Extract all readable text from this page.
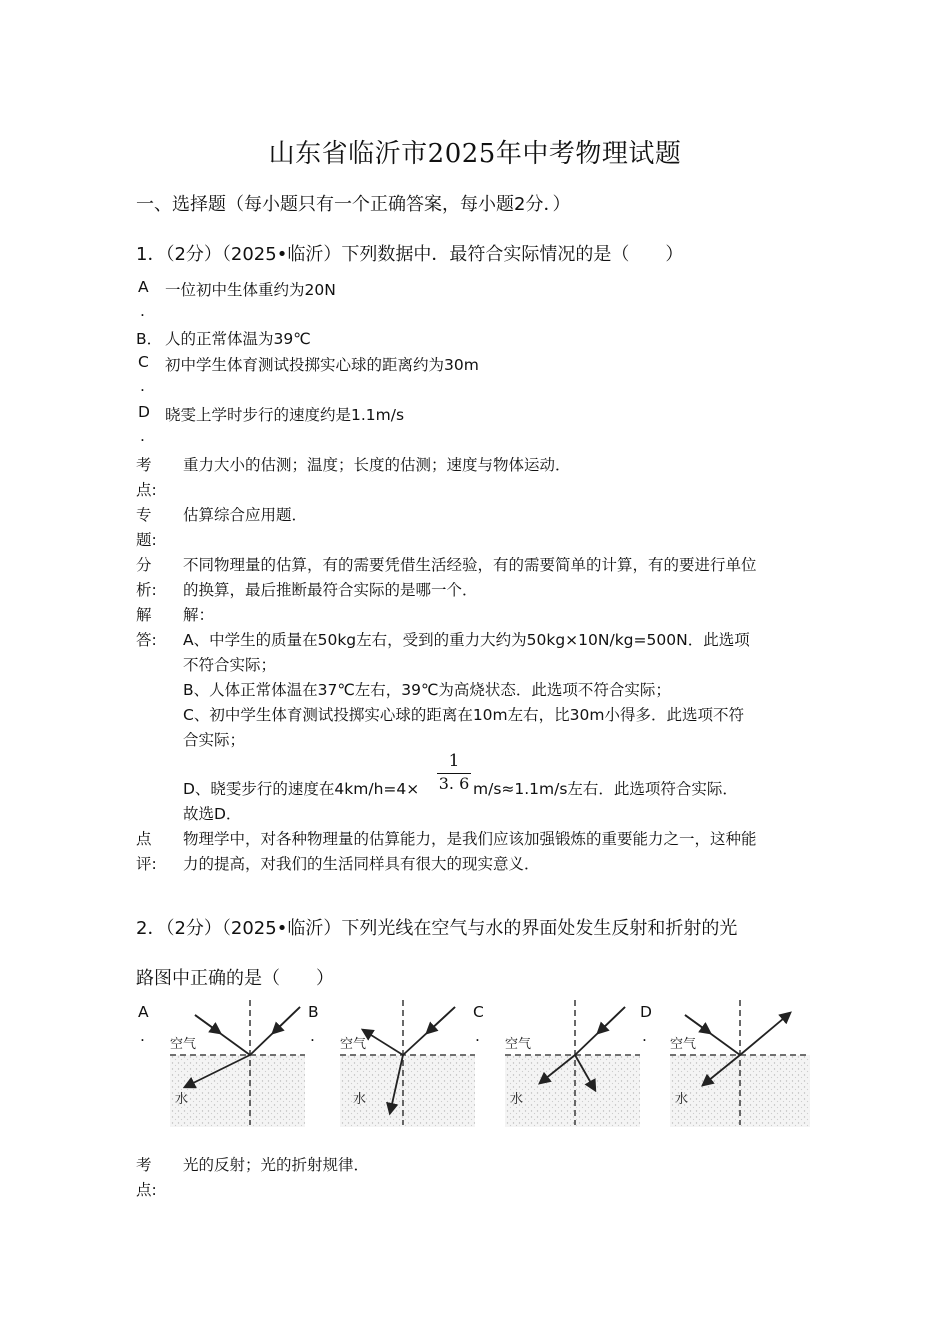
山东省临沂市2025年中考物理试题
一、选择题（每小题只有一个正确答案，每小题2分．）
1．（2分）（2025•临沂）下列数据中．最符合实际情况的是（　　）
A
.
一位初中生体重约为20N
B． 人的正常体温为39℃
C
.
初中学生体育测试投掷实心球的距离约为30m
D
.
晓雯上学时步行的速度约是1.1m/s
考
点:
重力大小的估测；温度；长度的估测；速度与物体运动．
专
题:
估算综合应用题．
分
析:
不同物理量的估算，有的需要凭借生活经验，有的需要简单的计算，有的要进行单位
的换算，最后推断最符合实际的是哪一个．
解
答:
解：
A、中学生的质量在50kg左右，受到的重力大约为50kg×10N/kg=500N．此选项
不符合实际；
B、人体正常体温在37℃左右，39℃为高烧状态．此选项不符合实际；
C、初中学生体育测试投掷实心球的距离在10m左右，比30m小得多．此选项不符
合实际；
D、晓雯步行的速度在4km/h=4×
1
3. 6 m/s≈1.1m/s左右．此选项符合实际．
故选D．
点
评:
物理学中，对各种物理量的估算能力，是我们应该加强锻炼的重要能力之一，这种能
力的提高，对我们的生活同样具有很大的现实意义．
2．（2分）（2025•临沂）下列光线在空气与水的界面处发生反射和折射的光
路图中正确的是（　　）
A
.
B
.
C
.
D
.
空气
水
空气
水
空气
水
空气
水
考
点:
光的反射；光的折射规律．
